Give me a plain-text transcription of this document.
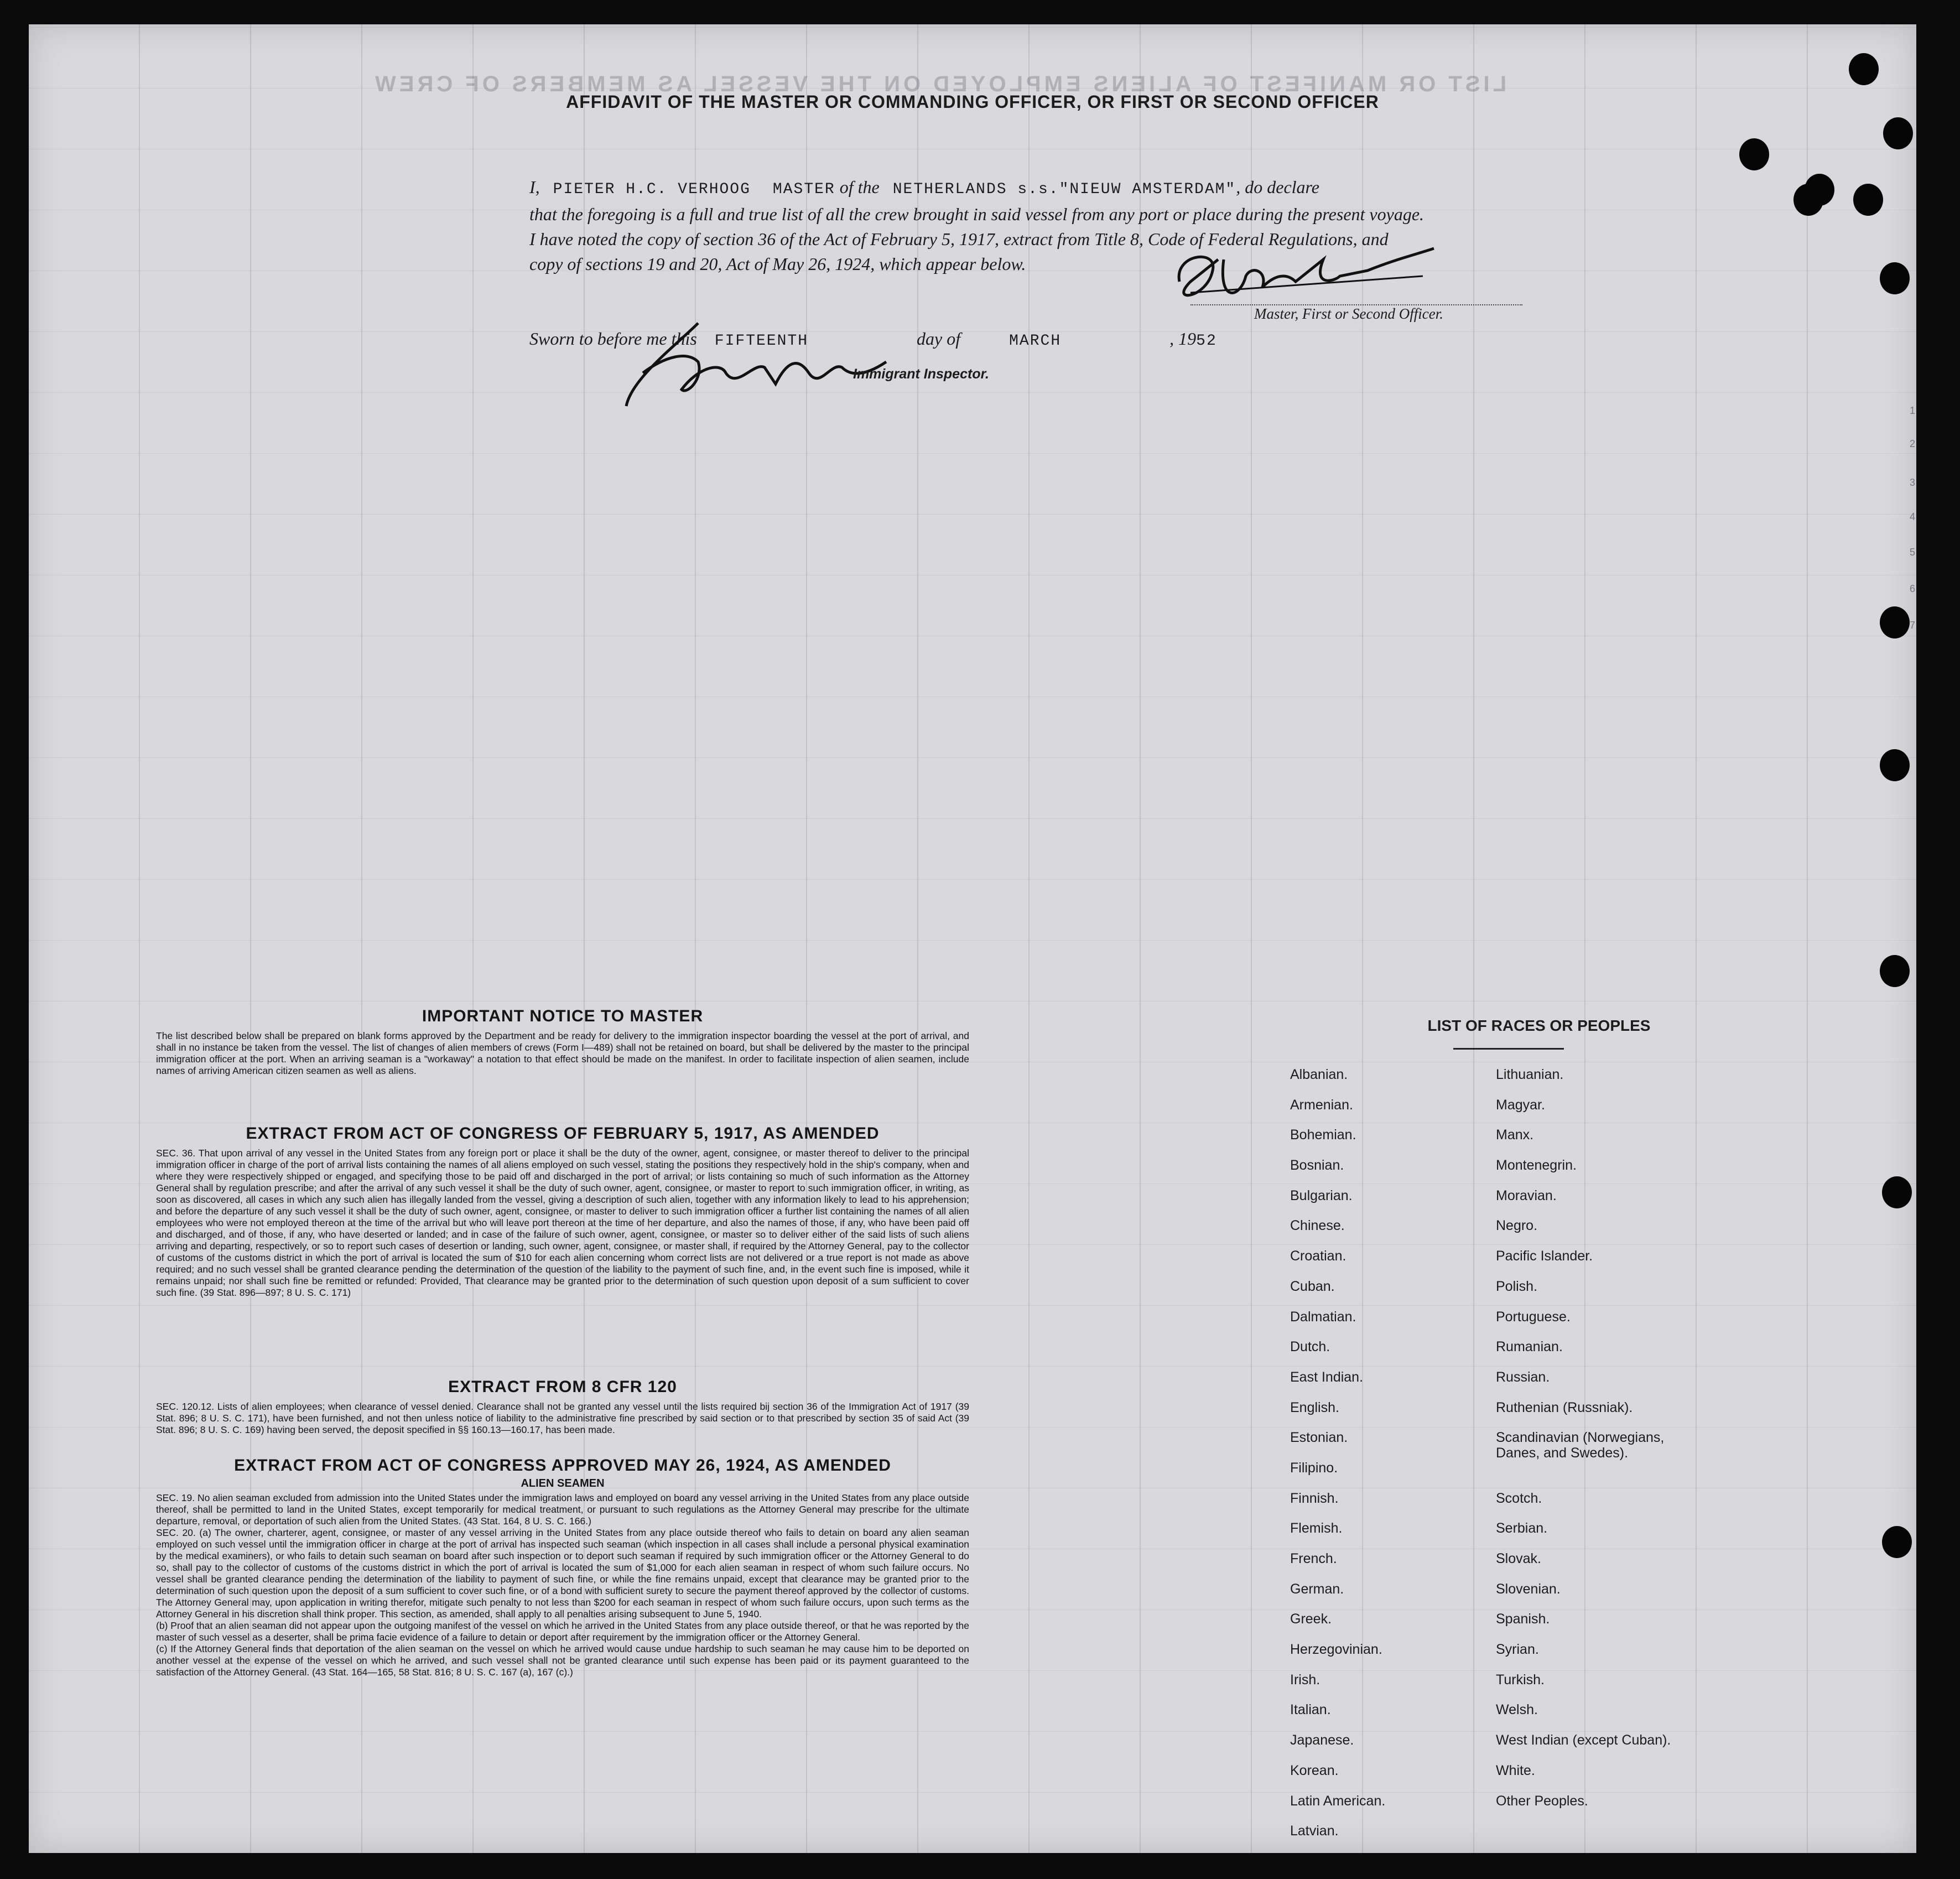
LIST OR MANIFEST OF ALIENS EMPLOYED ON THE VESSEL AS MEMBERS OF CREW
AFFIDAVIT OF THE MASTER OR COMMANDING OFFICER, OR FIRST OR SECOND OFFICER
I, PIETER H.C. VERHOOG MASTER of the NETHERLANDS s.s."NIEUW AMSTERDAM", do declare
that the foregoing is a full and true list of all the crew brought in said vessel from any port or place during the present voyage.
I have noted the copy of section 36 of the Act of February 5, 1917, extract from Title 8, Code of Federal Regulations, and
copy of sections 19 and 20, Act of May 26, 1924, which appear below.
Master, First or Second Officer.
Sworn to before me this FIFTEENTH	day of	MARCH	, 1952
Immigrant Inspector.
1
2
3
4
5
6
7
IMPORTANT NOTICE TO MASTER

The list described below shall be prepared on blank forms approved by the Department and be ready for delivery to the immigration inspector boarding the vessel at the port of arrival, and shall in no instance be taken from the vessel. The list of changes of alien members of crews (Form I—489) shall not be retained on board, but shall be delivered by the master to the principal immigration officer at the port. When an arriving seaman is a "workaway" a notation to that effect should be made on the manifest. In order to facilitate inspection of alien seamen, include names of arriving American citizen seamen as well as aliens.

EXTRACT FROM ACT OF CONGRESS OF FEBRUARY 5, 1917, AS AMENDED

SEC. 36. That upon arrival of any vessel in the United States from any foreign port or place it shall be the duty of the owner, agent, consignee, or master thereof to deliver to the principal immigration officer in charge of the port of arrival lists containing the names of all aliens employed on such vessel, stating the positions they respectively hold in the ship's company, when and where they were respectively shipped or engaged, and specifying those to be paid off and discharged in the port of arrival; or lists containing so much of such information as the Attorney General shall by regulation prescribe; and after the arrival of any such vessel it shall be the duty of such owner, agent, consignee, or master to report to such immigration officer, in writing, as soon as discovered, all cases in which any such alien has illegally landed from the vessel, giving a description of such alien, together with any information likely to lead to his apprehension; and before the departure of any such vessel it shall be the duty of such owner, agent, consignee, or master to deliver to such immigration officer a further list containing the names of all alien employees who were not employed thereon at the time of the arrival but who will leave port thereon at the time of her departure, and also the names of those, if any, who have been paid off and discharged, and of those, if any, who have deserted or landed; and in case of the failure of such owner, agent, consignee, or master so to deliver either of the said lists of such aliens arriving and departing, respectively, or so to report such cases of desertion or landing, such owner, agent, consignee, or master shall, if required by the Attorney General, pay to the collector of customs of the customs district in which the port of arrival is located the sum of $10 for each alien concerning whom correct lists are not delivered or a true report is not made as above required; and no such vessel shall be granted clearance pending the determination of the question of the liability to the payment of such fine, and, in the event such fine is imposed, while it remains unpaid; nor shall such fine be remitted or refunded: Provided, That clearance may be granted prior to the determination of such question upon deposit of a sum sufficient to cover such fine. (39 Stat. 896—897; 8 U. S. C. 171)

EXTRACT FROM 8 CFR 120

SEC. 120.12. Lists of alien employees; when clearance of vessel denied. Clearance shall not be granted any vessel until the lists required bij section 36 of the Immigration Act of 1917 (39 Stat. 896; 8 U. S. C. 171), have been furnished, and not then unless notice of liability to the administrative fine prescribed by said section or to that prescribed by section 35 of said Act (39 Stat. 896; 8 U. S. C. 169) having been served, the deposit specified in §§ 160.13—160.17, has been made.

EXTRACT FROM ACT OF CONGRESS APPROVED MAY 26, 1924, AS AMENDED
ALIEN SEAMEN

SEC. 19. No alien seaman excluded from admission into the United States under the immigration laws and employed on board any vessel arriving in the United States from any place outside thereof, shall be permitted to land in the United States, except temporarily for medical treatment, or pursuant to such regulations as the Attorney General may prescribe for the ultimate departure, removal, or deportation of such alien from the United States. (43 Stat. 164, 8 U. S. C. 166.)

SEC. 20. (a) The owner, charterer, agent, consignee, or master of any vessel arriving in the United States from any place outside thereof who fails to detain on board any alien seaman employed on such vessel until the immigration officer in charge at the port of arrival has inspected such seaman (which inspection in all cases shall include a personal physical examination by the medical examiners), or who fails to detain such seaman on board after such inspection or to deport such seaman if required by such immigration officer or the Attorney General to do so, shall pay to the collector of customs of the customs district in which the port of arrival is located the sum of $1,000 for each alien seaman in respect of whom such failure occurs. No vessel shall be granted clearance pending the determination of the liability to payment of such fine, or while the fine remains unpaid, except that clearance may be granted prior to the determination of such question upon the deposit of a sum sufficient to cover such fine, or of a bond with sufficient surety to secure the payment thereof approved by the collector of customs. The Attorney General may, upon application in writing therefor, mitigate such penalty to not less than $200 for each seaman in respect of whom such failure occurs, upon such terms as the Attorney General in his discretion shall think proper. This section, as amended, shall apply to all penalties arising subsequent to June 5, 1940.

(b) Proof that an alien seaman did not appear upon the outgoing manifest of the vessel on which he arrived in the United States from any place outside thereof, or that he was reported by the master of such vessel as a deserter, shall be prima facie evidence of a failure to detain or deport after requirement by the immigration officer or the Attorney General.

(c) If the Attorney General finds that deportation of the alien seaman on the vessel on which he arrived would cause undue hardship to such seaman he may cause him to be deported on another vessel at the expense of the vessel on which he arrived, and such vessel shall not be granted clearance until such expense has been paid or its payment guaranteed to the satisfaction of the Attorney General. (43 Stat. 164—165, 58 Stat. 816; 8 U. S. C. 167 (a), 167 (c).)

LIST OF RACES OR PEOPLES
Albanian.
Armenian.
Bohemian.
Bosnian.
Bulgarian.
Chinese.
Croatian.
Cuban.
Dalmatian.
Dutch.
East Indian.
English.
Estonian.
Filipino.
Finnish.
Flemish.
French.
German.
Greek.
Herzegovinian.
Irish.
Italian.
Japanese.
Korean.
Latin American.
Latvian.
Lithuanian.
Magyar.
Manx.
Montenegrin.
Moravian.
Negro.
Pacific Islander.
Polish.
Portuguese.
Rumanian.
Russian.
Ruthenian (Russniak).
Scandinavian (Norwegians,
Danes, and Swedes).
Scotch.
Serbian.
Slovak.
Slovenian.
Spanish.
Syrian.
Turkish.
Welsh.
West Indian (except Cuban).
White.
Other Peoples.
